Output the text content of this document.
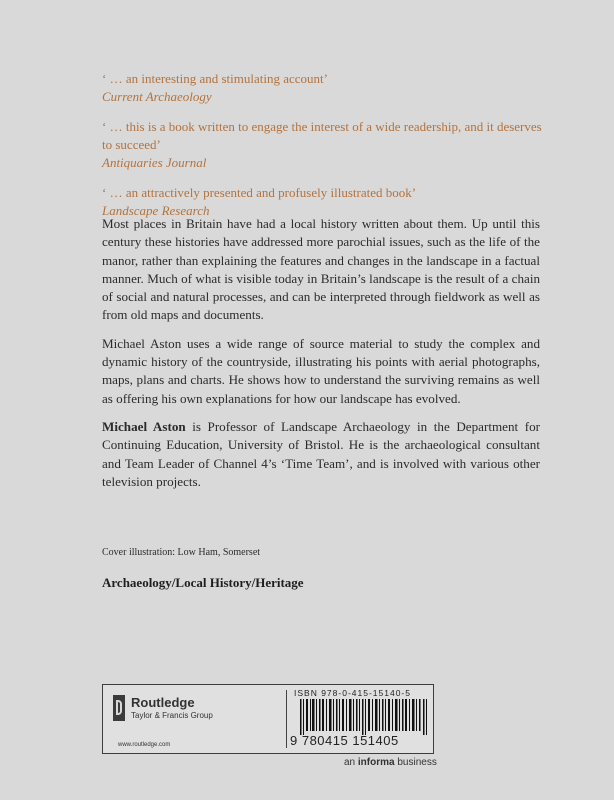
‘ … an interesting and stimulating account’
Current Archaeology
‘ … this is a book written to engage the interest of a wide readership, and it deserves to succeed’
Antiquaries Journal
‘ … an attractively presented and profusely illustrated book’
Landscape Research

Most places in Britain have had a local history written about them. Up until this century these histories have addressed more parochial issues, such as the life of the manor, rather than explaining the features and changes in the landscape in a factual manner. Much of what is visible today in Britain’s landscape is the result of a chain of social and natural processes, and can be interpreted through fieldwork as well as from old maps and documents.

Michael Aston uses a wide range of source material to study the complex and dynamic history of the countryside, illustrating his points with aerial photographs, maps, plans and charts. He shows how to understand the surviving remains as well as offering his own explanations for how our landscape has evolved.

Michael Aston is Professor of Landscape Archaeology in the Department for Continuing Education, University of Bristol. He is the archaeological consultant and Team Leader of Channel 4’s ‘Time Team’, and is involved with various other television projects.

Cover illustration: Low Ham, Somerset
Archaeology/Local History/Heritage
Routledge
Taylor & Francis Group
www.routledge.com
ISBN 978-0-415-15140-5
9 780415 151405
an informa business
